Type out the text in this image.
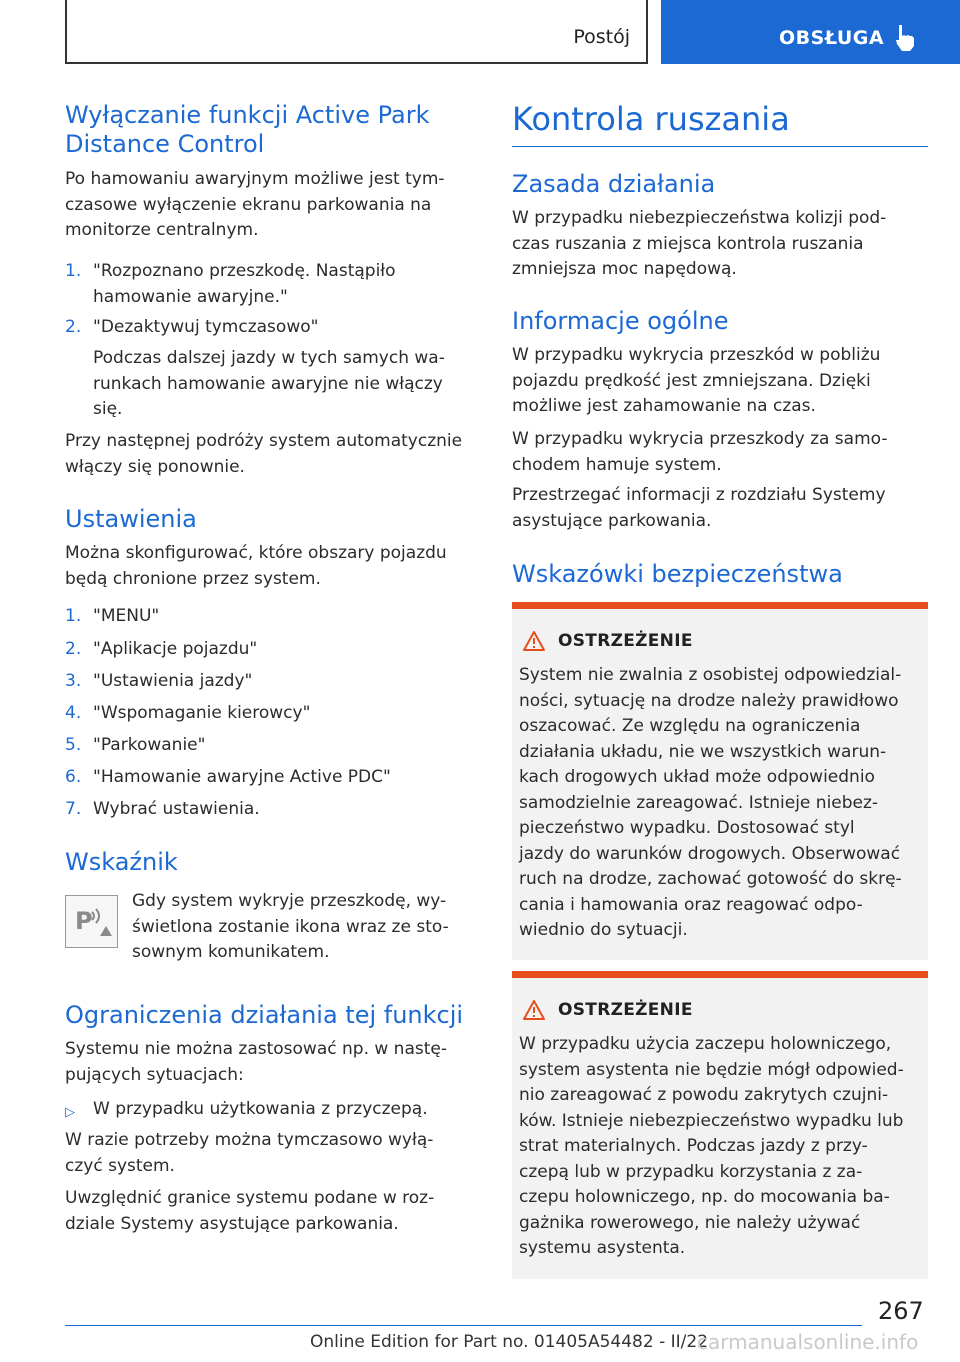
Postój	OBSŁUGA
Wyłączanie funkcji Active Park
Distance Control
Po hamowaniu awaryjnym możliwe jest tym-
czasowe wyłączenie ekranu parkowania na
monitorze centralnym.
1. "Rozpoznano przeszkodę. Nastąpiło
hamowanie awaryjne."
2. "Dezaktywuj tymczasowo"
Podczas dalszej jazdy w tych samych wa-
runkach hamowanie awaryjne nie włączy
się.
Przy następnej podróży system automatycznie
włączy się ponownie.
Ustawienia
Można skonfigurować, które obszary pojazdu
będą chronione przez system.
1. "MENU"
2. "Aplikacje pojazdu"
3. "Ustawienia jazdy"
4. "Wspomaganie kierowcy"
5. "Parkowanie"
6. "Hamowanie awaryjne Active PDC"
7. Wybrać ustawienia.
Wskaźnik
Gdy system wykryje przeszkodę, wy-
świetlona zostanie ikona wraz ze sto-
sownym komunikatem.
Ograniczenia działania tej funkcji
Systemu nie można zastosować np. w nastę-
pujących sytuacjach:
▷ W przypadku użytkowania z przyczepą.
W razie potrzeby można tymczasowo wyłą-
czyć system.
Uwzględnić granice systemu podane w roz-
dziale Systemy asystujące parkowania.
P
Kontrola ruszania
Zasada działania
W przypadku niebezpieczeństwa kolizji pod-
czas ruszania z miejsca kontrola ruszania
zmniejsza moc napędową.
Informacje ogólne
W przypadku wykrycia przeszkód w pobliżu
pojazdu prędkość jest zmniejszana. Dzięki
możliwe jest zahamowanie na czas.
W przypadku wykrycia przeszkody za samo-
chodem hamuje system.
Przestrzegać informacji z rozdziału Systemy
asystujące parkowania.
Wskazówki bezpieczeństwa
OSTRZEŻENIE
System nie zwalnia z osobistej odpowiedzial-
ności, sytuację na drodze należy prawidłowo
oszacować. Ze względu na ograniczenia
działania układu, nie we wszystkich warun-
kach drogowych układ może odpowiednio
samodzielnie zareagować. Istnieje niebez-
pieczeństwo wypadku. Dostosować styl
jazdy do warunków drogowych. Obserwować
ruch na drodze, zachować gotowość do skrę-
cania i hamowania oraz reagować odpo-
wiednio do sytuacji.
OSTRZEŻENIE
W przypadku użycia zaczepu holowniczego,
system asystenta nie będzie mógł odpowied-
nio zareagować z powodu zakrytych czujni-
ków. Istnieje niebezpieczeństwo wypadku lub
strat materialnych. Podczas jazdy z przy-
czepą lub w przypadku korzystania z za-
czepu holowniczego, np. do mocowania ba-
gażnika rowerowego, nie należy używać
systemu asystenta.
267
Online Edition for Part no. 01405A54482 - II/22
carmanualsonline.info
